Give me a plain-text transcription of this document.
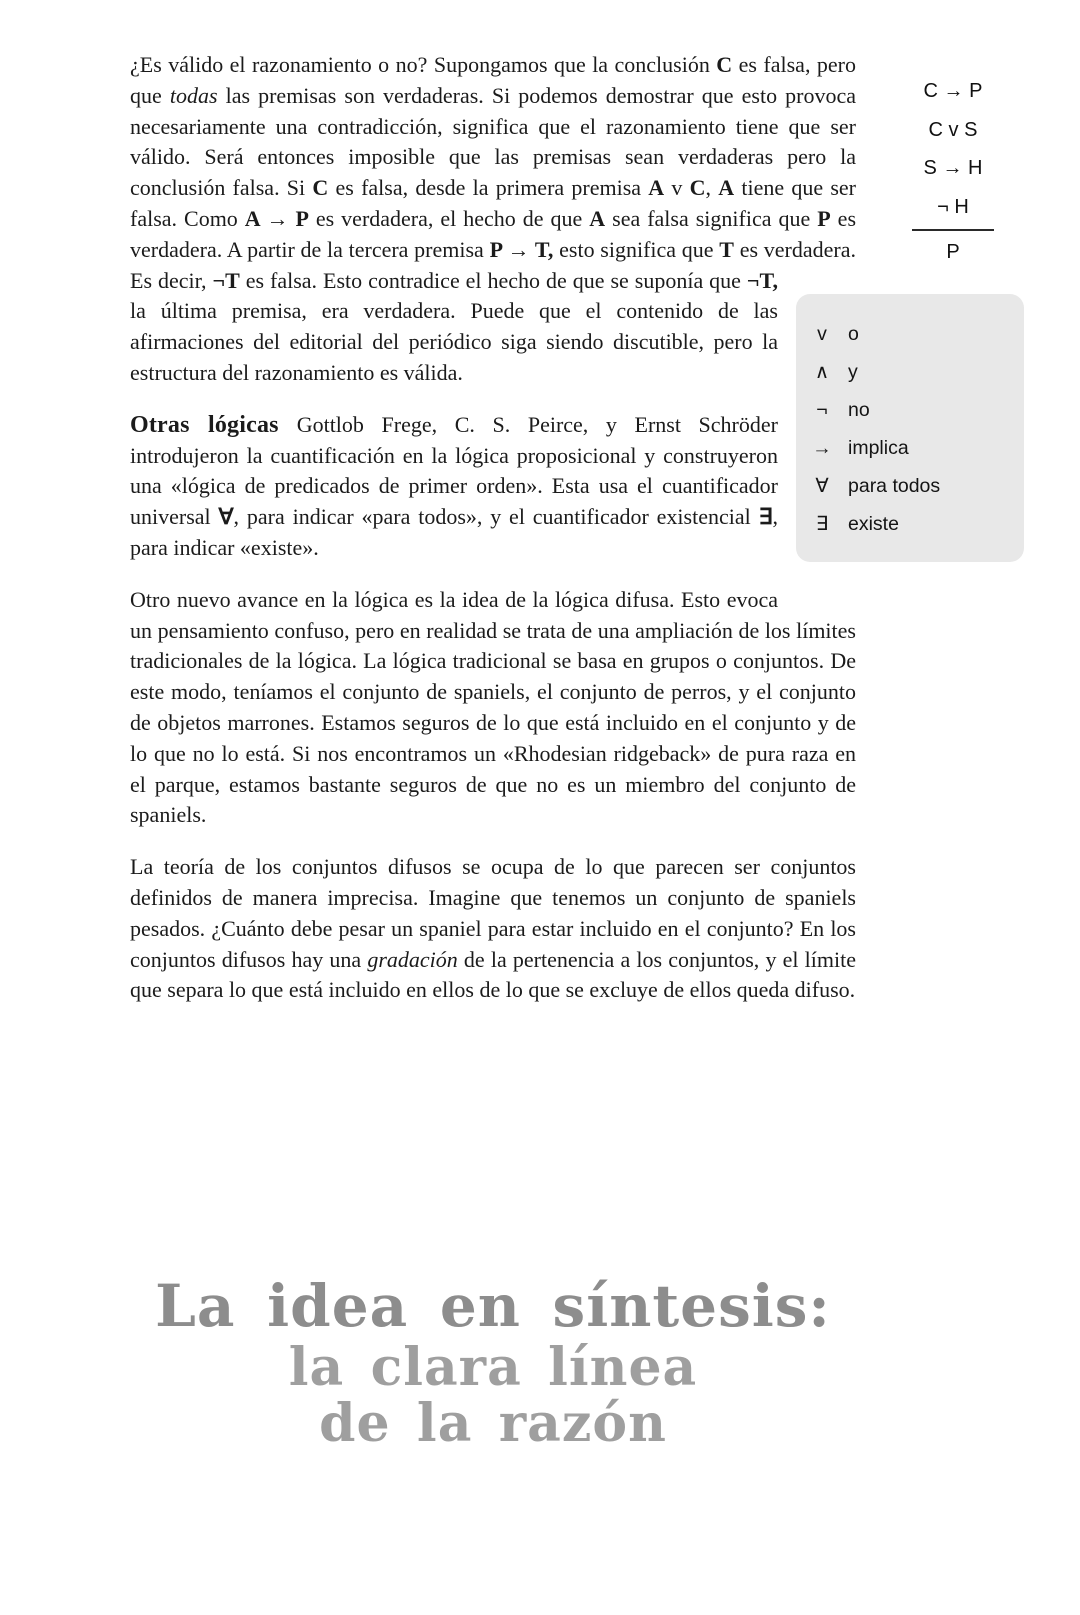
C → P
C v S
S → H
¬ H
P

¿Es válido el razonamiento o no? Supongamos que la conclusión C es falsa, pero que todas las premisas son verdaderas. Si podemos demostrar que esto provoca necesariamente una contradicción, significa que el razonamiento tiene que ser válido. Será entonces imposible que las premisas sean verdaderas pero la conclusión falsa. Si C es falsa, desde la primera premisa A v C, A tiene que ser falsa. Como A → P es verdadera, el hecho de que A sea falsa significa que P es verdadera. A partir de la tercera premisa P → T, esto significa que T es verdadera. Es decir, ¬T es falsa. Esto contradice el hecho de que se suponía que ¬T,
v	o
∧ y
¬	no
→ implica
∀ para todos
∃	existe
la última premisa, era verdadera. Puede que el contenido de las afirmaciones del editorial del periódico siga siendo discutible, pero la estructura del razonamiento es válida.

Otras lógicas Gottlob Frege, C. S. Peirce, y Ernst Schröder introdujeron la cuantificación en la lógica proposicional y construyeron una «lógica de predicados de primer orden». Esta usa el cuantificador universal ∀, para indicar «para todos», y el cuantificador existencial ∃, para indicar «existe».

Otro nuevo avance en la lógica es la idea de la lógica difusa. Esto evoca un pensamiento confuso, pero en realidad se trata de una ampliación de los límites tradicionales de la lógica. La lógica tradicional se basa en grupos o conjuntos. De este modo, teníamos el conjunto de spaniels, el conjunto de perros, y el conjunto de objetos marrones. Estamos seguros de lo que está incluido en el conjunto y de lo que no lo está. Si nos encontramos un «Rhodesian ridgeback» de pura raza en el parque, estamos bastante seguros de que no es un miembro del conjunto de spaniels.

La teoría de los conjuntos difusos se ocupa de lo que parecen ser conjuntos definidos de manera imprecisa. Imagine que tenemos un conjunto de spaniels pesados. ¿Cuánto debe pesar un spaniel para estar incluido en el conjunto? En los conjuntos difusos hay una gradación de la pertenencia a los conjuntos, y el límite que separa lo que está incluido en ellos de lo que se excluye de ellos queda difuso.

La idea en síntesis:
la clara línea
de la razón
